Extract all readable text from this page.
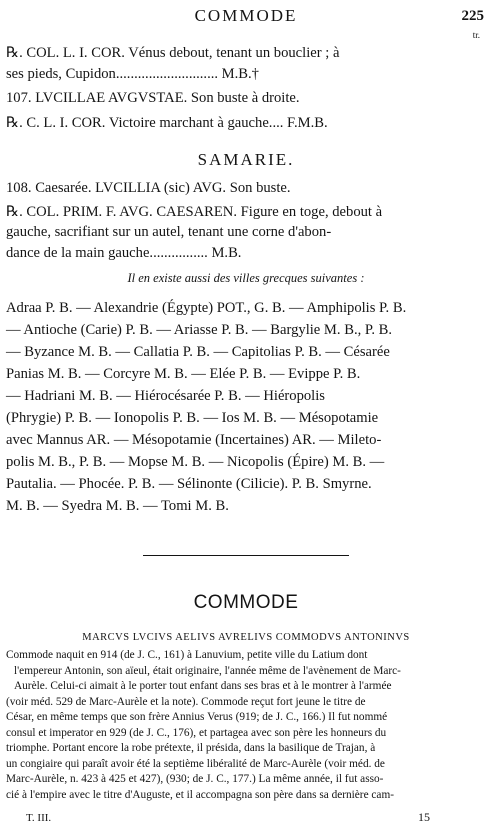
COMMODE	225
tr.
℞. COL. L. I. COR. Vénus debout, tenant un bouclier ; à
ses pieds, Cupidon............................ M.B.†
107. LVCILLAE AVGVSTAE. Son buste à droite.
℞. C. L. I. COR. Victoire marchant à gauche.... F.M.B.
SAMARIE.
108. Caesarée. LVCILLIA (sic) AVG. Son buste.
℞. COL. PRIM. F. AVG. CAESAREN. Figure en toge, debout à
gauche, sacrifiant sur un autel, tenant une corne d'abon-
dance de la main gauche................ M.B.
Il en existe aussi des villes grecques suivantes :
Adraa P. B. — Alexandrie (Égypte) POT., G. B. — Amphipolis P. B.
— Antioche (Carie) P. B. — Ariasse P. B. — Bargylie M. B., P. B.
— Byzance M. B. — Callatia P. B. — Capitolias P. B. — Césarée
Panias M. B. — Corcyre M. B. — Elée P. B. — Evippe P. B.
— Hadriani M. B. — Hiérocésarée P. B. — Hiéropolis
(Phrygie) P. B. — Ionopolis P. B. — Ios M. B. — Mésopotamie
avec Mannus AR. — Mésopotamie (Incertaines) AR. — Mileto-
polis M. B., P. B. — Mopse M. B. — Nicopolis (Épire) M. B. —
Pautalia. — Phocée. P. B. — Sélinonte (Cilicie). P. B. Smyrne.
M. B. — Syedra M. B. — Tomi M. B.
COMMODE
MARCVS LVCIVS AELIVS AVRELIVS COMMODVS ANTONINVS

Commode naquit en 914 (de J. C., 161) à Lanuvium, petite ville du Latium dont

l'empereur Antonin, son aïeul, était originaire, l'année même de l'avènement de Marc-

Aurèle. Celui-ci aimait à le porter tout enfant dans ses bras et à le montrer à l'armée

(voir méd. 529 de Marc-Aurèle et la note). Commode reçut fort jeune le titre de

César, en même temps que son frère Annius Verus (919; de J. C., 166.) Il fut nommé

consul et imperator en 929 (de J. C., 176), et partagea avec son père les honneurs du

triomphe. Portant encore la robe prétexte, il présida, dans la basilique de Trajan, à

un congiaire qui paraît avoir été la septième libéralité de Marc-Aurèle (voir méd. de

Marc-Aurèle, n. 423 à 425 et 427), (930; de J. C., 177.) La même année, il fut asso-

cié à l'empire avec le titre d'Auguste, et il accompagna son père dans sa dernière cam-

T. III.	15
